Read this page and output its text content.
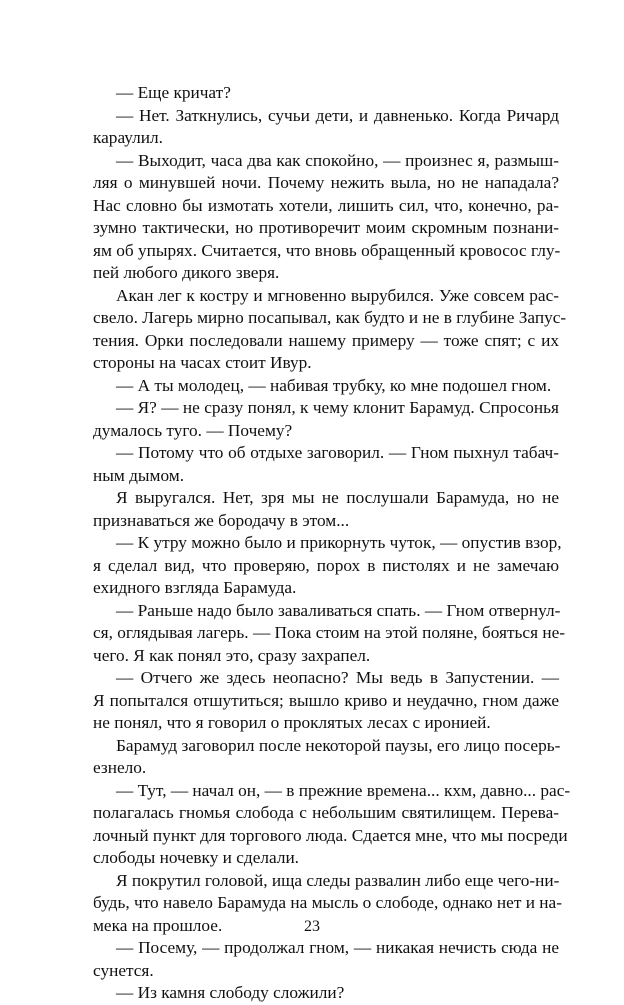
— Еще кричат?
— Нет. Заткнулись, сучьи дети, и давненько. Когда Ричард
караулил.
— Выходит, часа два как спокойно, — произнес я, размыш-
ляя о минувшей ночи. Почему нежить выла, но не нападала?
Нас словно бы измотать хотели, лишить сил, что, конечно, ра-
зумно тактически, но противоречит моим скромным познани-
ям об упырях. Считается, что вновь обращенный кровосос глу-
пей любого дикого зверя.
Акан лег к костру и мгновенно вырубился. Уже совсем рас-
свело. Лагерь мирно посапывал, как будто и не в глубине Запус-
тения. Орки последовали нашему примеру — тоже спят; с их
стороны на часах стоит Ивур.
— А ты молодец, — набивая трубку, ко мне подошел гном.
— Я? — не сразу понял, к чему клонит Барамуд. Спросонья
думалось туго. — Почему?
— Потому что об отдыхе заговорил. — Гном пыхнул табач-
ным дымом.
Я выругался. Нет, зря мы не послушали Барамуда, но не
признаваться же бородачу в этом...
— К утру можно было и прикорнуть чуток, — опустив взор,
я сделал вид, что проверяю, порох в пистолях и не замечаю
ехидного взгляда Барамуда.
— Раньше надо было заваливаться спать. — Гном отвернул-
ся, оглядывая лагерь. — Пока стоим на этой поляне, бояться не-
чего. Я как понял это, сразу захрапел.
— Отчего же здесь неопасно? Мы ведь в Запустении. —
Я попытался отшутиться; вышло криво и неудачно, гном даже
не понял, что я говорил о проклятых лесах с иронией.
Барамуд заговорил после некоторой паузы, его лицо посерь-
езнело.
— Тут, — начал он, — в прежние времена... кхм, давно... рас-
полагалась гномья слобода с небольшим святилищем. Перева-
лочный пункт для торгового люда. Сдается мне, что мы посреди
слободы ночевку и сделали.
Я покрутил головой, ища следы развалин либо еще чего-ни-
будь, что навело Барамуда на мысль о слободе, однако нет и на-
мека на прошлое.
— Посему, — продолжал гном, — никакая нечисть сюда не
сунется.
— Из камня слободу сложили?
23
